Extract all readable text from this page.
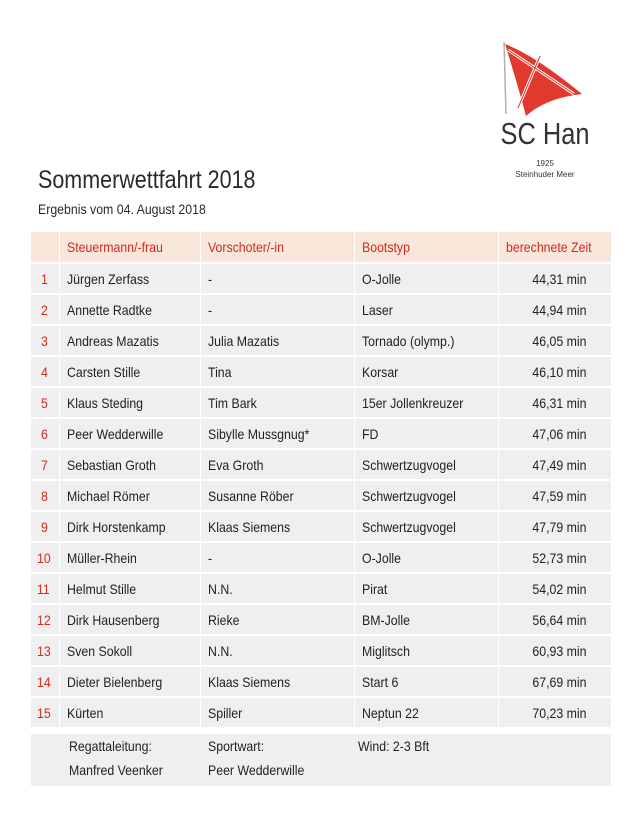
SC Han
1925
Steinhuder Meer
Sommerwettfahrt 2018
Ergebnis vom 04. August 2018
	Steuermann/-frau	Vorschoter/-in	Bootstyp	berechnete Zeit
1	Jürgen Zerfass	-	O-Jolle	44,31 min
2	Annette Radtke	-	Laser	44,94 min
3	Andreas Mazatis	Julia Mazatis	Tornado (olymp.)	46,05 min
4	Carsten Stille	Tina	Korsar	46,10 min
5	Klaus Steding	Tim Bark	15er Jollenkreuzer	46,31 min
6	Peer Wedderwille	Sibylle Mussgnug*	FD	47,06 min
7	Sebastian Groth	Eva Groth	Schwertzugvogel	47,49 min
8	Michael Römer	Susanne Röber	Schwertzugvogel	47,59 min
9	Dirk Horstenkamp	Klaas Siemens	Schwertzugvogel	47,79 min
10	Müller-Rhein	-	O-Jolle	52,73 min
11	Helmut Stille	N.N.	Pirat	54,02 min
12	Dirk Hausenberg	Rieke	BM-Jolle	56,64 min
13	Sven Sokoll	N.N.	Miglitsch	60,93 min
14	Dieter Bielenberg	Klaas Siemens	Start 6	67,69 min
15	Kürten	Spiller	Neptun 22	70,23 min
Regattaleitung:
Manfred Veenker
Sportwart:
Peer Wedderwille
Wind: 2-3 Bft
